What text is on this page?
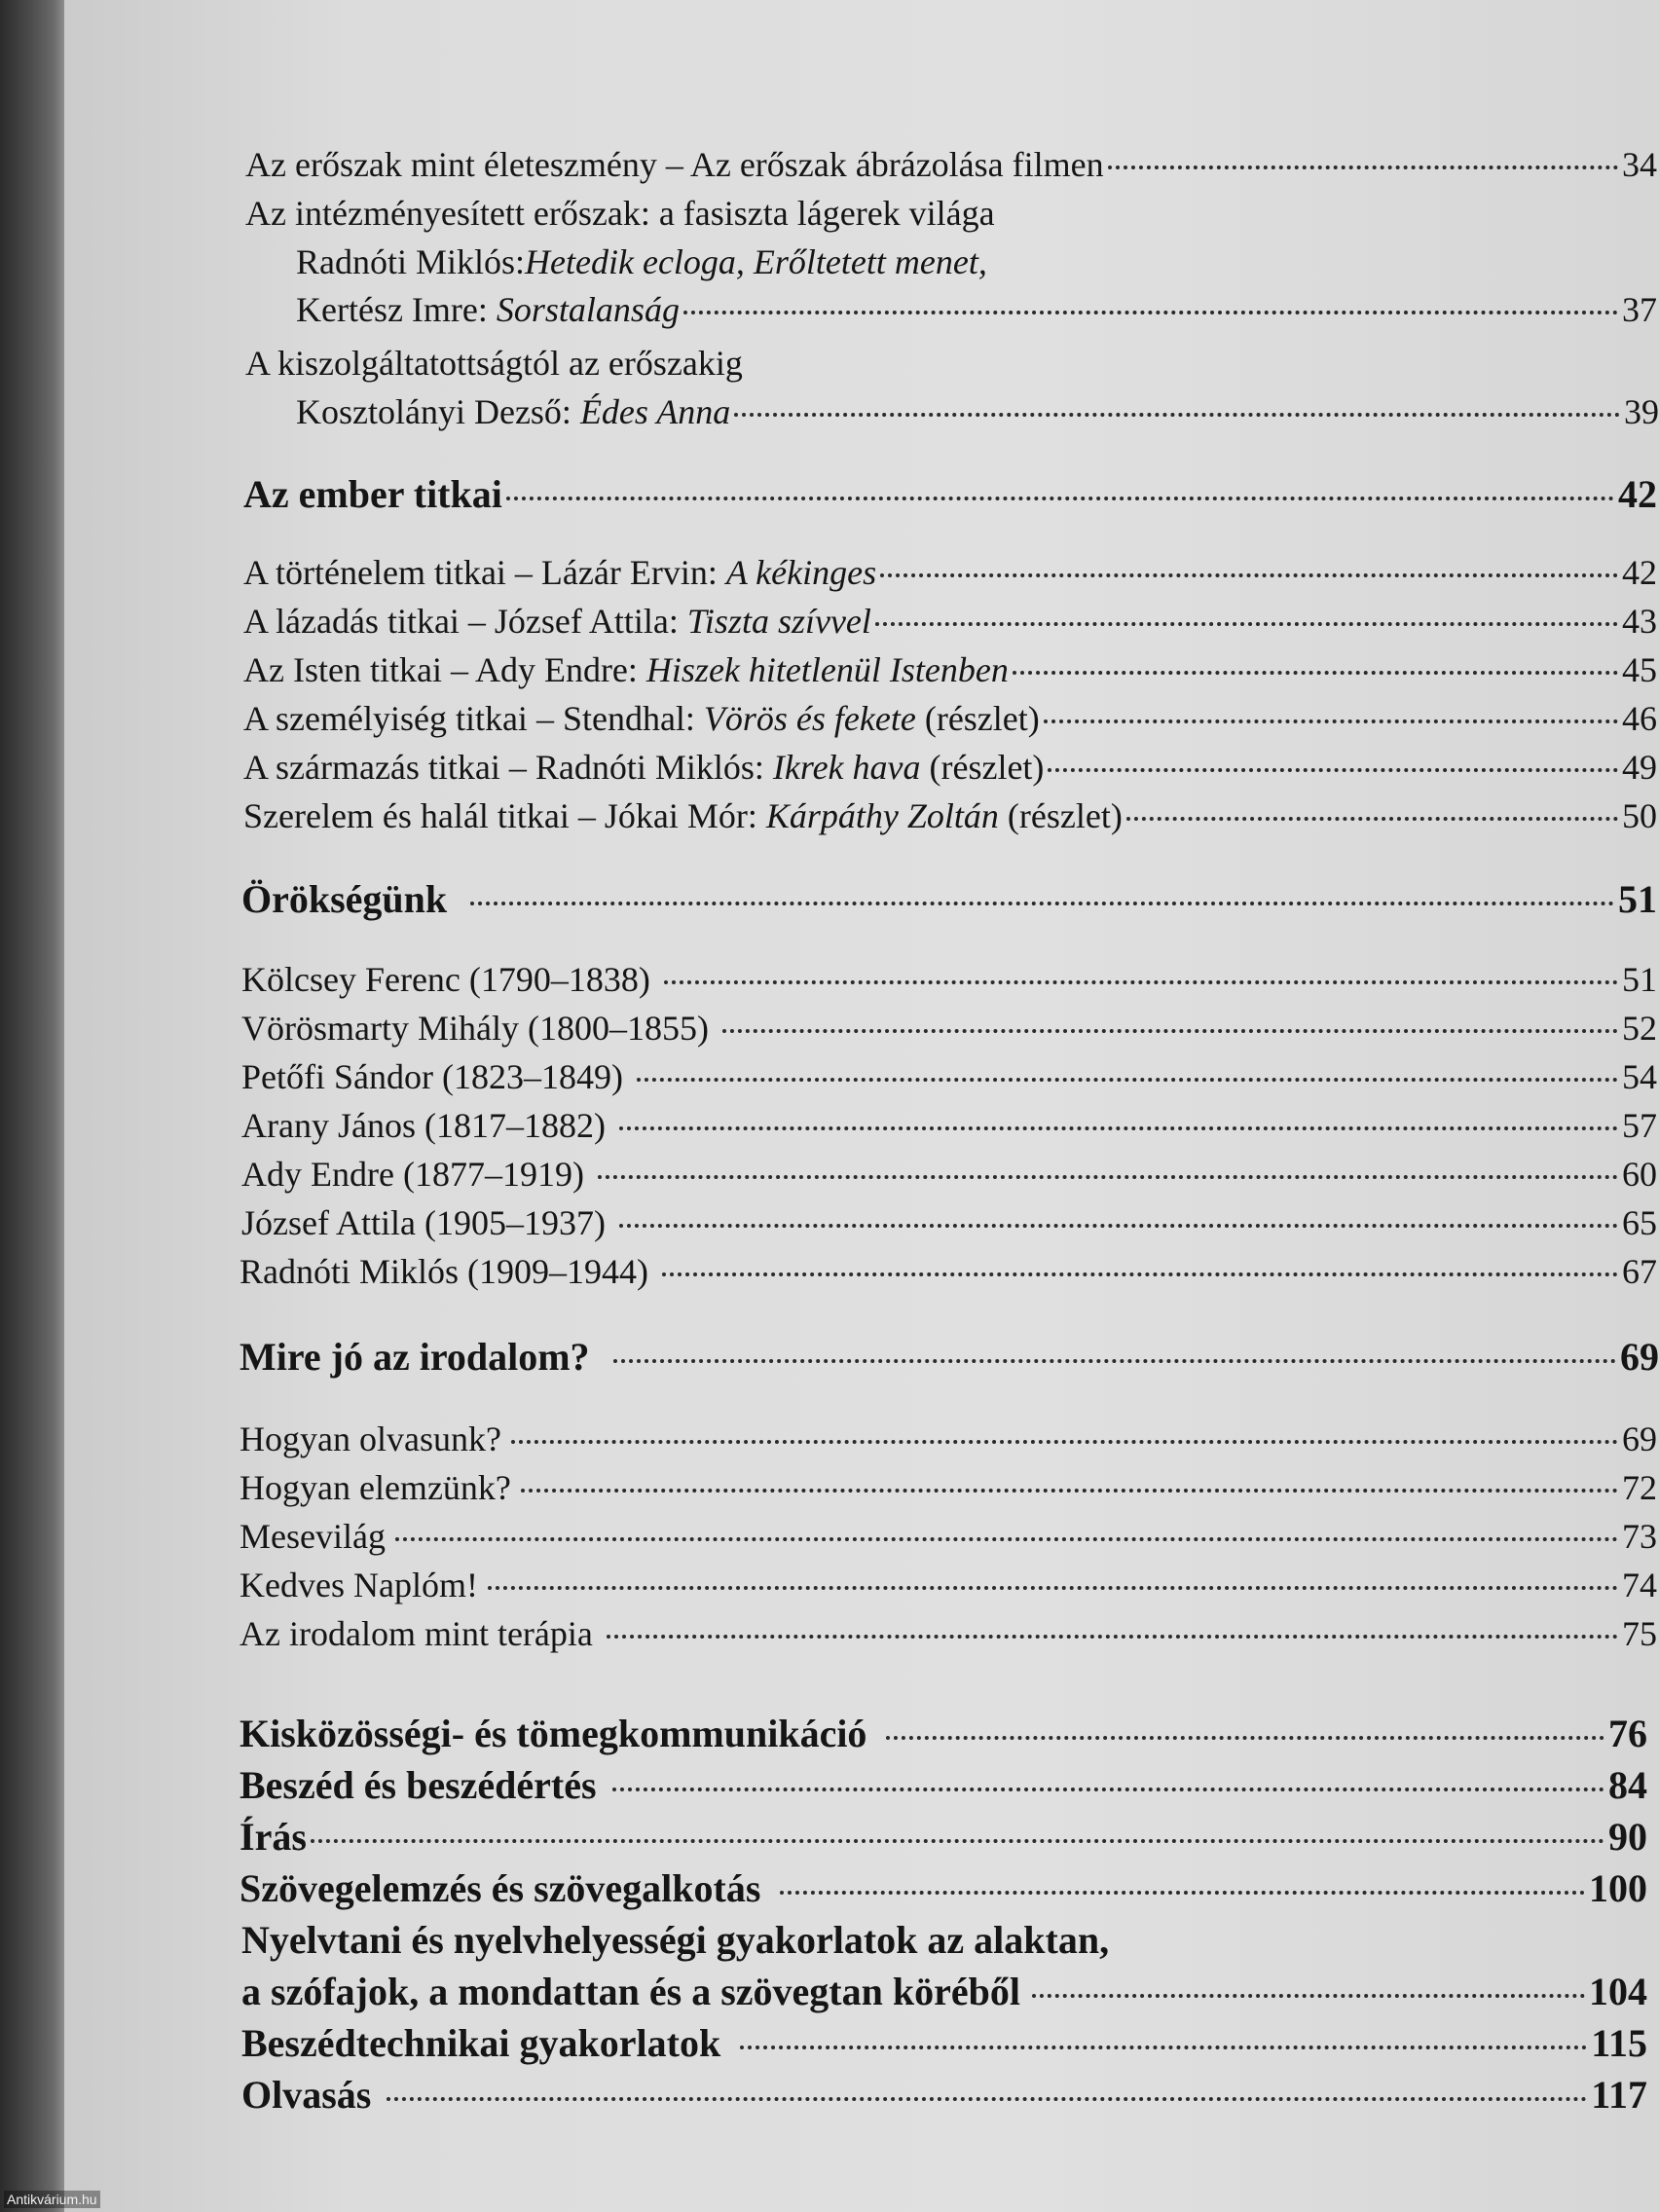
Az erőszak mint életeszmény – Az erőszak ábrázolása filmen	34
Az intézményesített erőszak: a fasiszta lágerek világa
Radnóti Miklós: Hetedik ecloga, Erőltetett menet,
Kertész Imre: Sorstalanság	37
A kiszolgáltatottságtól az erőszakig
Kosztolányi Dezső: Édes Anna	39
Az ember titkai	42
A történelem titkai – Lázár Ervin: A kékinges	42
A lázadás titkai – József Attila: Tiszta szívvel	43
Az Isten titkai – Ady Endre: Hiszek hitetlenül Istenben	45
A személyiség titkai – Stendhal: Vörös és fekete (részlet)	46
A származás titkai – Radnóti Miklós: Ikrek hava (részlet)	49
Szerelem és halál titkai – Jókai Mór: Kárpáthy Zoltán (részlet)	50
Örökségünk	51
Kölcsey Ferenc (1790–1838)	51
Vörösmarty Mihály (1800–1855)	52
Petőfi Sándor (1823–1849)	54
Arany János (1817–1882)	57
Ady Endre (1877–1919)	60
József Attila (1905–1937)	65
Radnóti Miklós (1909–1944)	67
Mire jó az irodalom?	69
Hogyan olvasunk?	69
Hogyan elemzünk?	72
Mesevilág	73
Kedves Naplóm!	74
Az irodalom mint terápia	75
Kisközösségi- és tömegkommunikáció	76
Beszéd és beszédértés	84
Írás	90
Szövegelemzés és szövegalkotás	100
Nyelvtani és nyelvhelyességi gyakorlatok az alaktan,
a szófajok, a mondattan és a szövegtan köréből	104
Beszédtechnikai gyakorlatok	115
Olvasás	117
Antikvárium.hu
